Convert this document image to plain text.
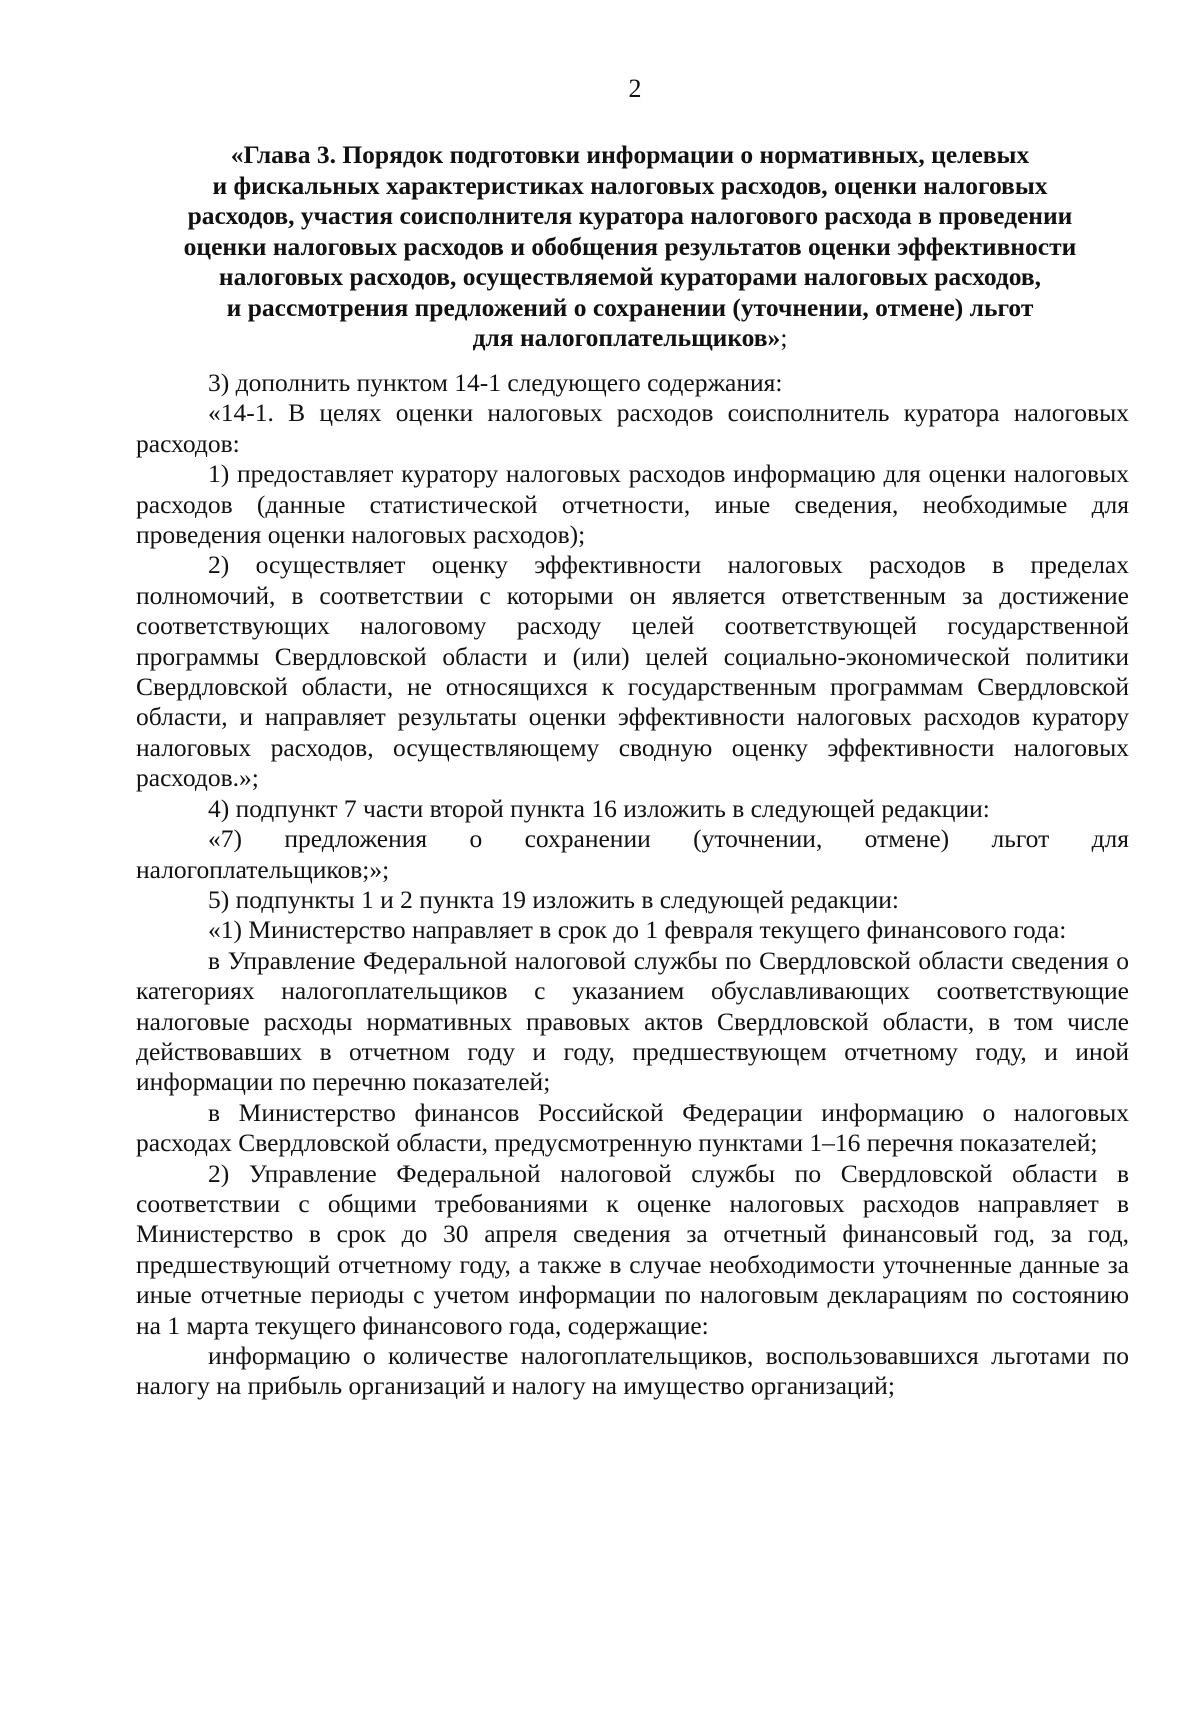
2
«Глава 3. Порядок подготовки информации о нормативных, целевых
и фискальных характеристиках налоговых расходов, оценки налоговых
расходов, участия соисполнителя куратора налогового расхода в проведении
оценки налоговых расходов и обобщения результатов оценки эффективности
налоговых расходов, осуществляемой кураторами налоговых расходов,
и рассмотрения предложений о сохранении (уточнении, отмене) льгот
для налогоплательщиков»;

3) дополнить пунктом 14-1 следующего содержания:

«14-1. В целях оценки налоговых расходов соисполнитель куратора налоговых расходов:

1) предоставляет куратору налоговых расходов информацию для оценки налоговых расходов (данные статистической отчетности, иные сведения, необходимые для проведения оценки налоговых расходов);

2) осуществляет оценку эффективности налоговых расходов в пределах полномочий, в соответствии с которыми он является ответственным за достижение соответствующих налоговому расходу целей соответствующей государственной программы Свердловской области и (или) целей социально-экономической политики Свердловской области, не относящихся к государственным программам Свердловской области, и направляет результаты оценки эффективности налоговых расходов куратору налоговых расходов, осуществляющему сводную оценку эффективности налоговых расходов.»;

4) подпункт 7 части второй пункта 16 изложить в следующей редакции:

«7) предложения о сохранении (уточнении, отмене) льгот для налогоплательщиков;»;

5) подпункты 1 и 2 пункта 19 изложить в следующей редакции:

«1) Министерство направляет в срок до 1 февраля текущего финансового года:

в Управление Федеральной налоговой службы по Свердловской области сведения о категориях налогоплательщиков с указанием обуславливающих соответствующие налоговые расходы нормативных правовых актов Свердловской области, в том числе действовавших в отчетном году и году, предшествующем отчетному году, и иной информации по перечню показателей;

в Министерство финансов Российской Федерации информацию о налоговых расходах Свердловской области, предусмотренную пунктами 1–16 перечня показателей;

2) Управление Федеральной налоговой службы по Свердловской области в соответствии с общими требованиями к оценке налоговых расходов направляет в Министерство в срок до 30 апреля сведения за отчетный финансовый год, за год, предшествующий отчетному году, а также в случае необходимости уточненные данные за иные отчетные периоды с учетом информации по налоговым декларациям по состоянию на 1 марта текущего финансового года, содержащие:

информацию о количестве налогоплательщиков, воспользовавшихся льготами по налогу на прибыль организаций и налогу на имущество организаций;
